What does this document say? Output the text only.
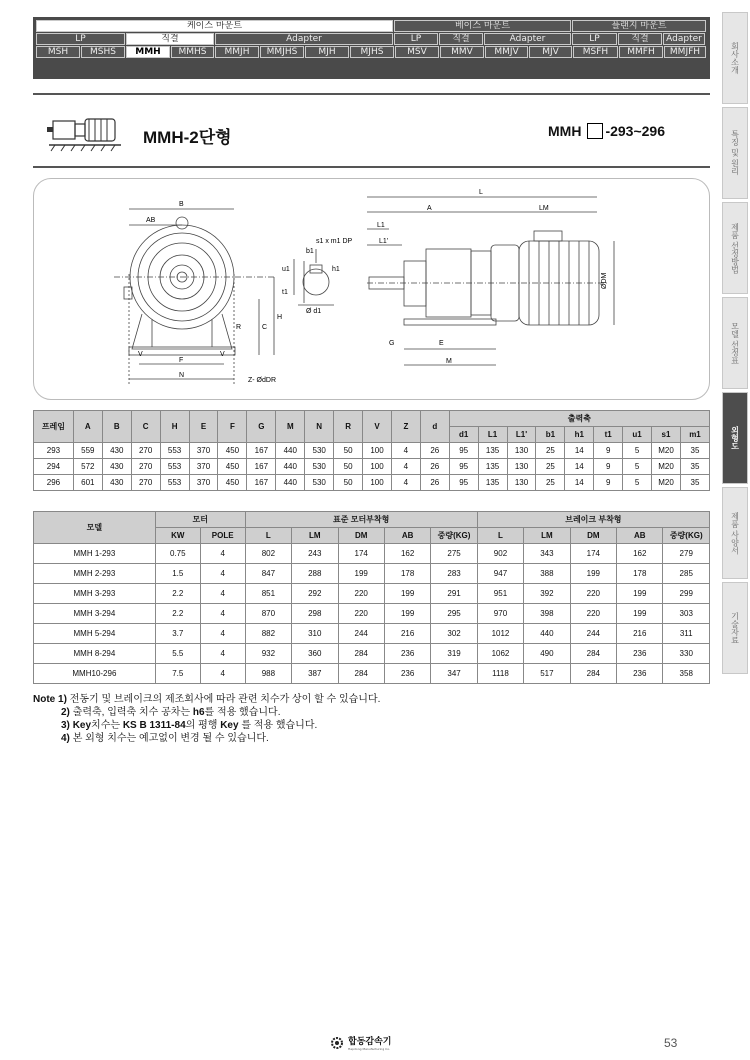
케이스 마운트	베이스 마운트	플랜지 마운트
LP	직결	Adapter	LP	직결	Adapter	LP	직결	Adapter
MSH	MSHS	MMH	MMHS	MMJH	MMJHS	MJH	MJHS	MSV	MMV	MMJV	MJV	MSFH	MMFH	MMJFH	회사소개
특징 및 원리
제품 선정방법
모델 선정표
외형도
제품 사양서
기술자료
MMH-2단형	MMH -293~296
B
AB
H
C
R
V	V
F
N
Z- ØdDR
s1 x m1 DP
b1
u1
t1
h1
Ø d1
L
A	LM
L1
L1'
G	E
M
ØDM
프레임	A	B	C	H	E	F	G	M	N	R	V	Z	d	출력축								
														d1	L1	L1'	b1	h1	t1	u1	s1	m1
293	559	430	270	553	370	450	167	440	530	50	100	4	26	95	135	130	25	14	9	5	M20	35
294	572	430	270	553	370	450	167	440	530	50	100	4	26	95	135	130	25	14	9	5	M20	35
296	601	430	270	553	370	450	167	440	530	50	100	4	26	95	135	130	25	14	9	5	M20	35
모델	모터		표준 모터부착형					브레이크 부착형				
	KW	POLE	L	LM	DM	AB	중량(KG)	L	LM	DM	AB	중량(KG)
MMH 1-293	0.75	4	802	243	174	162	275	902	343	174	162	279
MMH 2-293	1.5	4	847	288	199	178	283	947	388	199	178	285
MMH 3-293	2.2	4	851	292	220	199	291	951	392	220	199	299
MMH 3-294	2.2	4	870	298	220	199	295	970	398	220	199	303
MMH 5-294	3.7	4	882	310	244	216	302	1012	440	244	216	311
MMH 8-294	5.5	4	932	360	284	236	319	1062	490	284	236	330
MMH10-296	7.5	4	988	387	284	236	347	1118	517	284	236	358
Note 1) 전동기 및 브레이크의 제조회사에 따라 관련 치수가 상이 할 수 있습니다.
2) 출력축, 입력축 치수 공차는 h6를 적용 했습니다.
3) Key치수는 KS B 1311-84의 평행 Key 를 적용 했습니다.
4) 본 외형 치수는 예고없이 변경 될 수 있습니다.
합동감속기
Hapdong Manufacturing Co.	53
